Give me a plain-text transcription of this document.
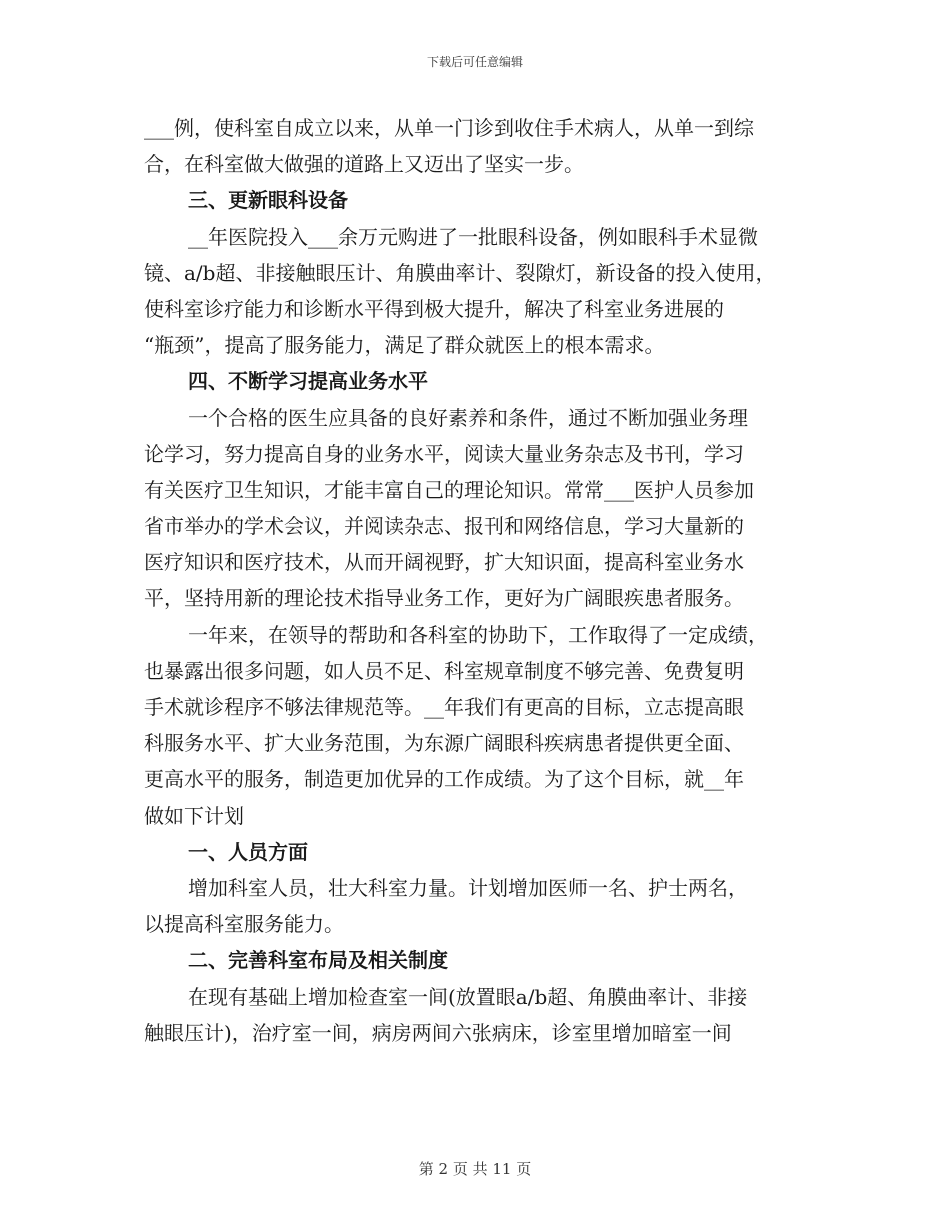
下载后可任意编辑
___例，使科室自成立以来，从单一门诊到收住手术病人，从单一到综
合，在科室做大做强的道路上又迈出了坚实一步。
三、更新眼科设备
__年医院投入___余万元购进了一批眼科设备，例如眼科手术显微
镜、a/b超、非接触眼压计、角膜曲率计、裂隙灯，新设备的投入使用，
使科室诊疗能力和诊断水平得到极大提升，解决了科室业务进展的
“瓶颈”，提高了服务能力，满足了群众就医上的根本需求。
四、不断学习提高业务水平
一个合格的医生应具备的良好素养和条件，通过不断加强业务理
论学习，努力提高自身的业务水平，阅读大量业务杂志及书刊，学习
有关医疗卫生知识，才能丰富自己的理论知识。常常___医护人员参加
省市举办的学术会议，并阅读杂志、报刊和网络信息，学习大量新的
医疗知识和医疗技术，从而开阔视野，扩大知识面，提高科室业务水
平，坚持用新的理论技术指导业务工作，更好为广阔眼疾患者服务。
一年来，在领导的帮助和各科室的协助下，工作取得了一定成绩，
也暴露出很多问题，如人员不足、科室规章制度不够完善、免费复明
手术就诊程序不够法律规范等。__年我们有更高的目标，立志提高眼
科服务水平、扩大业务范围，为东源广阔眼科疾病患者提供更全面、
更高水平的服务，制造更加优异的工作成绩。为了这个目标，就__年
做如下计划
一、人员方面
增加科室人员，壮大科室力量。计划增加医师一名、护士两名，
以提高科室服务能力。
二、完善科室布局及相关制度
在现有基础上增加检查室一间(放置眼a/b超、角膜曲率计、非接
触眼压计)，治疗室一间，病房两间六张病床，诊室里增加暗室一间
第 2 页 共 11 页
